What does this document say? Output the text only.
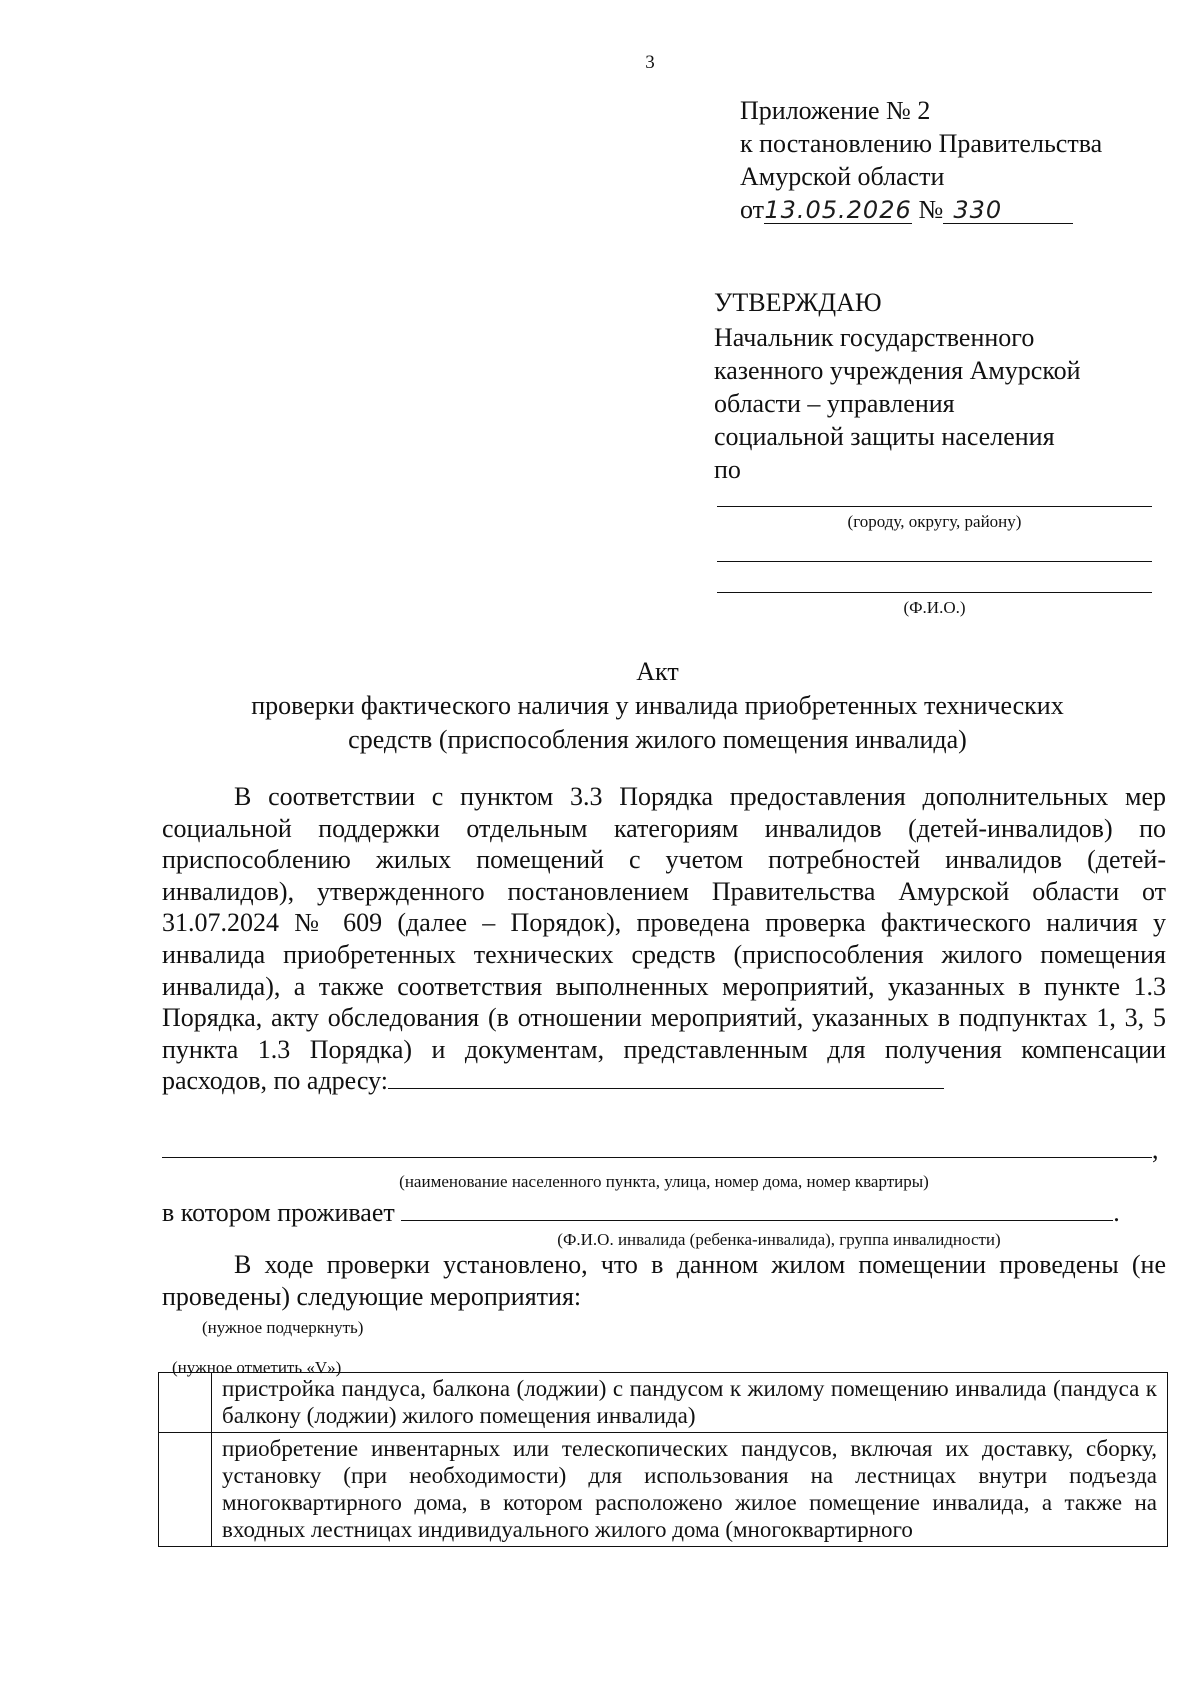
3
Приложение № 2
к постановлению Правительства
Амурской области
от13.05.2026 № 330
УТВЕРЖДАЮ
Начальник государственного
казенного учреждения Амурской
области – управления
социальной защиты населения
по
(городу, округу, району)
(Ф.И.О.)
Акт
проверки фактического наличия у инвалида приобретенных технических
средств (приспособления жилого помещения инвалида)

В соответствии с пунктом 3.3 Порядка предоставления дополнительных мер социальной поддержки отдельным категориям инвалидов (детей-инвалидов) по приспособлению жилых помещений с учетом потребностей инвалидов (детей-инвалидов), утвержденного постановлением Правительства Амурской области от 31.07.2024 № 609 (далее – Порядок), проведена проверка фактического наличия у инвалида приобретенных технических средств (приспособления жилого помещения инвалида), а также соответствия выполненных мероприятий, указанных в пункте 1.3 Порядка, акту обследования (в отношении мероприятий, указанных в подпунктах 1, 3, 5 пункта 1.3 Порядка) и документам, представленным для получения компенсации расходов, по адресу:

,
(наименование населенного пункта, улица, номер дома, номер квартиры)
в котором проживает	.
(Ф.И.О. инвалида (ребенка-инвалида), группа инвалидности)

В ходе проверки установлено, что в данном жилом помещении проведены (не проведены) следующие мероприятия:

(нужное подчеркнуть)
(нужное отметить «V»)
	пристройка пандуса, балкона (лоджии) с пандусом к жилому помещению инвалида (пандуса к балкону (лоджии) жилого помещения инвалида)
	приобретение инвентарных или телескопических пандусов, включая их доставку, сборку, установку (при необходимости) для использования на лестницах внутри подъезда многоквартирного дома, в котором расположено жилое помещение инвалида, а также на входных лестницах индивидуального жилого дома (многоквартирного
